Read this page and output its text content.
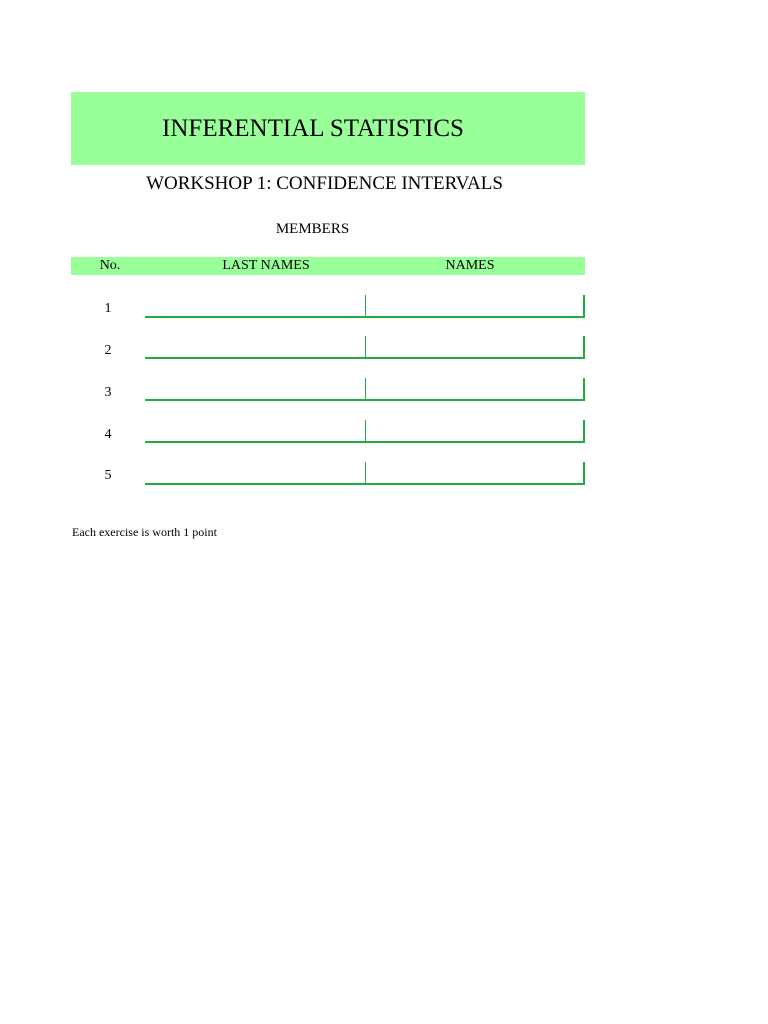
INFERENTIAL STATISTICS
WORKSHOP 1: CONFIDENCE INTERVALS
MEMBERS
No.	LAST NAMES	NAMES
1
2
3
4
5
Each exercise is worth 1 point
